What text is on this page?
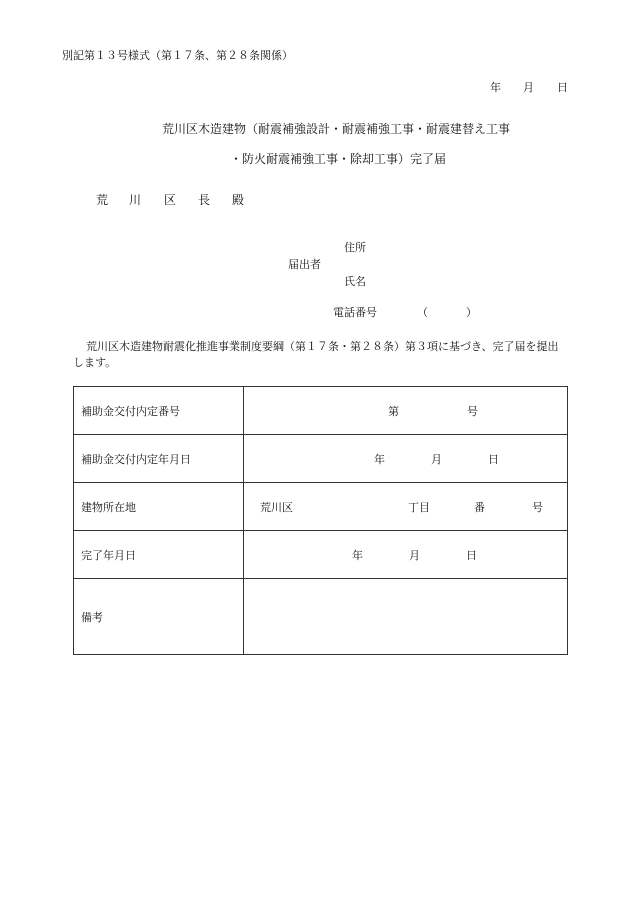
別記第１３号様式（第１７条、第２８条関係）
年 月 日
荒川区木造建物（耐震補強設計・耐震補強工事・耐震建替え工事
・防火耐震補強工事・除却工事）完了届
荒 川 区 長 殿
住所
届出者
氏名
電話番号	（	）
荒川区木造建物耐震化推進事業制度要綱（第１７条・第２８条）第３項に基づき、完了届を提出
します。
補助金交付内定番号	第 号

補助金交付内定年月日	年 月 日

建物所在地	荒川区 丁目 番 号

完了年月日	年 月 日

備考	
